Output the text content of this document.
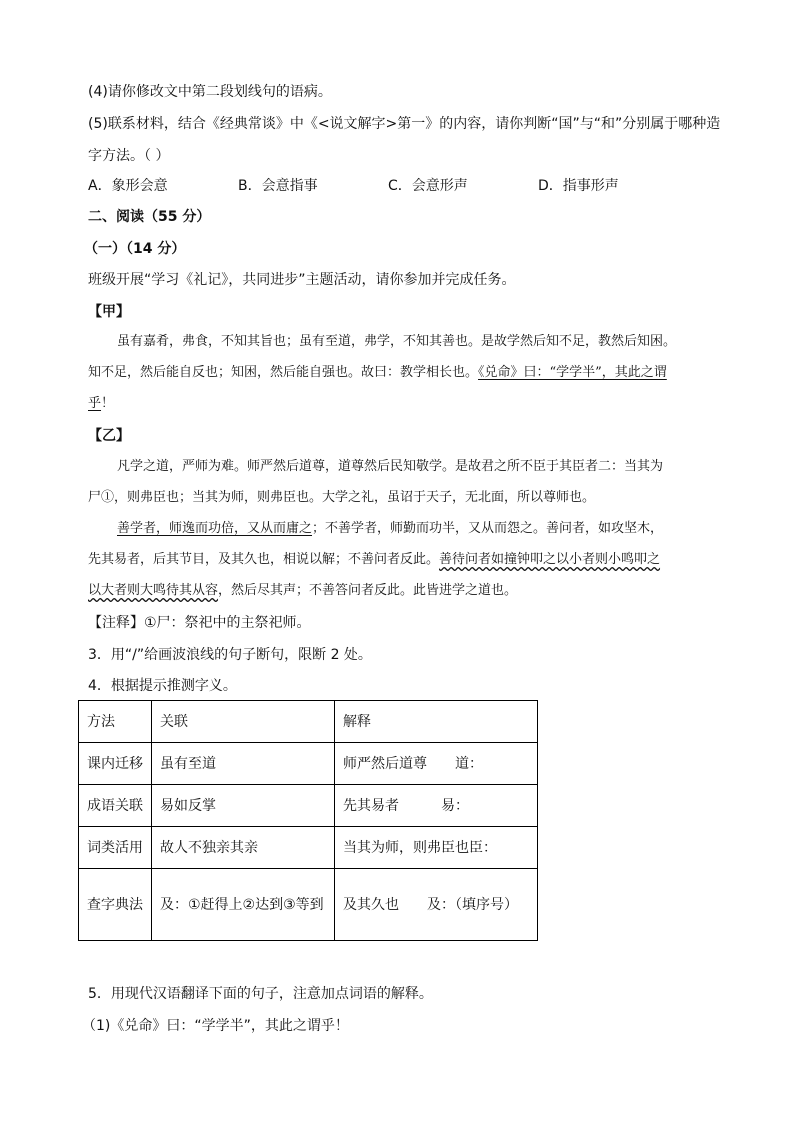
(4)请你修改文中第二段划线句的语病。
(5)联系材料，结合《经典常谈》中《<说文解字>第一》的内容，请你判断“国”与“和”分别属于哪种造
字方法。（ ）
A．象形会意	B．会意指事	C．会意形声	D．指事形声
二、阅读（55 分）
（一）（14 分）
班级开展“学习《礼记》，共同进步”主题活动，请你参加并完成任务。
【甲】
虽有嘉肴，弗食，不知其旨也；虽有至道，弗学，不知其善也。是故学然后知不足，教然后知困。
知不足，然后能自反也；知困，然后能自强也。故曰：教学相长也。《兑命》曰：“学学半”，其此之谓
乎！
【乙】
凡学之道，严师为难。师严然后道尊，道尊然后民知敬学。是故君之所不臣于其臣者二：当其为
尸①，则弗臣也；当其为师，则弗臣也。大学之礼，虽诏于天子，无北面，所以尊师也。
善学者，师逸而功倍，又从而庸之；不善学者，师勤而功半，又从而怨之。善问者，如攻坚木，
先其易者，后其节目，及其久也，相说以解；不善问者反此。善待问者如撞钟叩之以小者则小鸣叩之
以大者则大鸣待其从容，然后尽其声；不善答问者反此。此皆进学之道也。
【注释】①尸：祭祀中的主祭祀师。
3．用“/”给画波浪线的句子断句，限断 2 处。
4．根据提示推测字义。
方法	关联	解释
课内迁移	虽有至道	师严然后道尊　　道：
成语关联	易如反掌	先其易者　　　易：
词类活用	故人不独亲其亲	当其为师，则弗臣也臣：
查字典法	及：①赶得上②达到③等到	及其久也　　及：（填序号）
5．用现代汉语翻译下面的句子，注意加点词语的解释。
（1)《兑命》曰：“学学半”，其此之谓乎！
